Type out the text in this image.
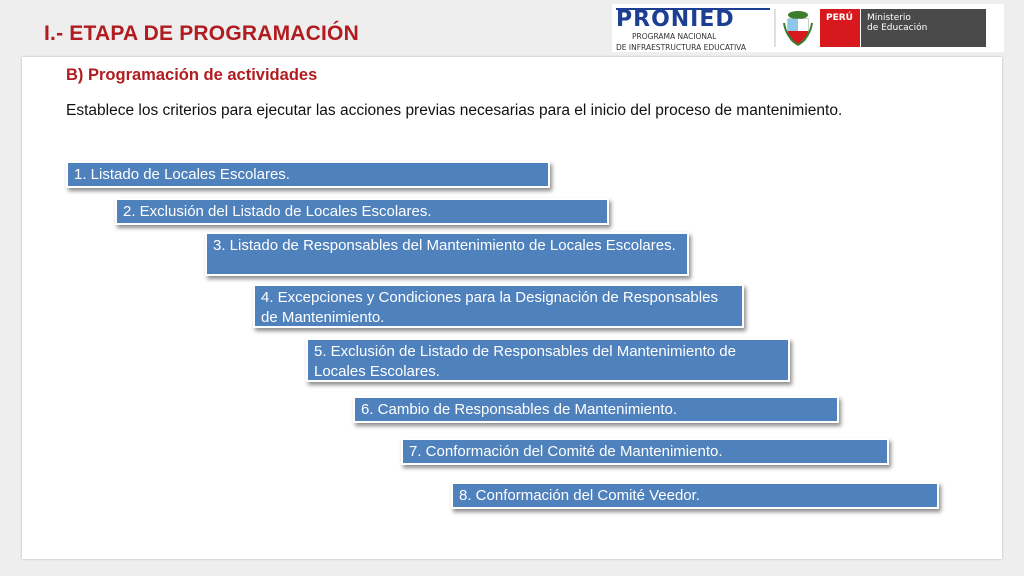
I.- ETAPA DE PROGRAMACIÓN
PRONIED
PROGRAMA NACIONAL
DE INFRAESTRUCTURA EDUCATIVA
PERÚ	Ministerio
de Educación
B) Programación de actividades
Establece los criterios para ejecutar las acciones previas necesarias para el inicio del proceso de mantenimiento.
1. Listado de Locales Escolares.
2. Exclusión del Listado de Locales Escolares.
3. Listado de Responsables del Mantenimiento de Locales Escolares.
4. Excepciones y Condiciones para la Designación de Responsables de Mantenimiento.
5. Exclusión de Listado de Responsables del Mantenimiento de Locales Escolares.
6. Cambio de Responsables de Mantenimiento.
7. Conformación del Comité de Mantenimiento.
8. Conformación del Comité Veedor.
